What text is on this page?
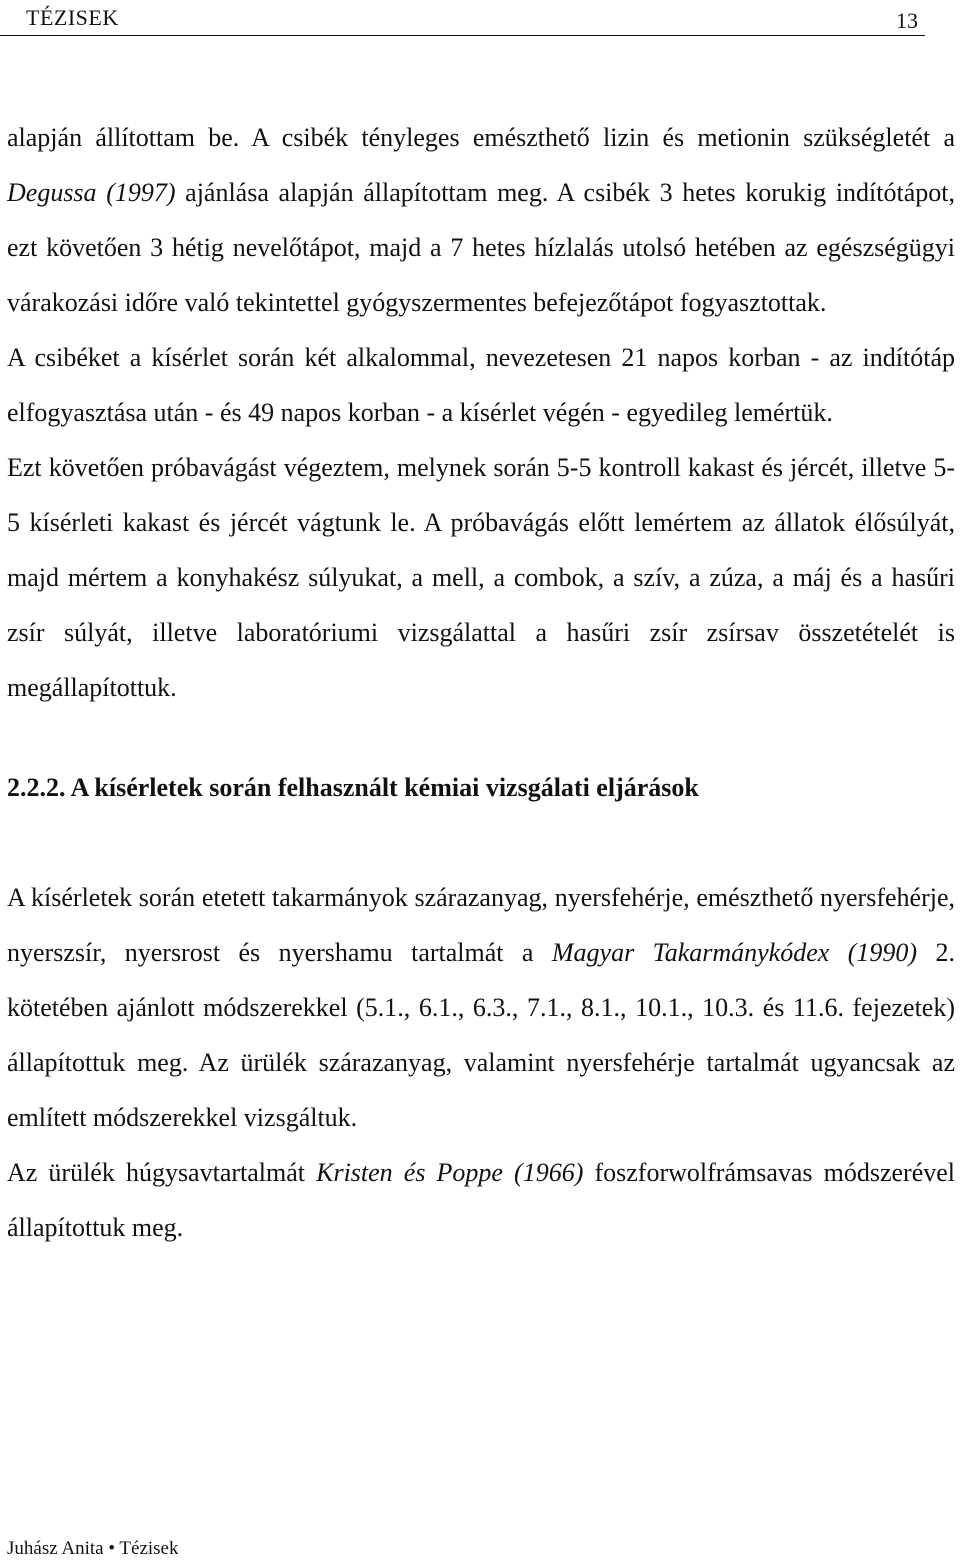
TÉZISEK	13

alapján állítottam be. A csibék tényleges emészthető lizin és metionin szükségletét a Degussa (1997) ajánlása alapján állapítottam meg. A csibék 3 hetes korukig indítótápot, ezt követően 3 hétig nevelőtápot, majd a 7 hetes hízlalás utolsó hetében az egészségügyi várakozási időre való tekintettel gyógyszermentes befejezőtápot fogyasztottak.

A csibéket a kísérlet során két alkalommal, nevezetesen 21 napos korban - az indítótáp elfogyasztása után - és 49 napos korban - a kísérlet végén - egyedileg lemértük.

Ezt követően próbavágást végeztem, melynek során 5-5 kontroll kakast és jércét, illetve 5-5 kísérleti kakast és jércét vágtunk le. A próbavágás előtt lemértem az állatok élősúlyát, majd mértem a konyhakész súlyukat, a mell, a combok, a szív, a zúza, a máj és a hasűri zsír súlyát, illetve laboratóriumi vizsgálattal a hasűri zsír zsírsav összetételét is megállapítottuk.

2.2.2. A kísérletek során felhasznált kémiai vizsgálati eljárások

A kísérletek során etetett takarmányok szárazanyag, nyersfehérje, emészthető nyersfehérje, nyerszsír, nyersrost és nyershamu tartalmát a Magyar Takarmánykódex (1990) 2. kötetében ajánlott módszerekkel (5.1., 6.1., 6.3., 7.1., 8.1., 10.1., 10.3. és 11.6. fejezetek) állapítottuk meg. Az ürülék szárazanyag, valamint nyersfehérje tartalmát ugyancsak az említett módszerekkel vizsgáltuk.

Az ürülék húgysavtartalmát Kristen és Poppe (1966) foszforwolfrámsavas módszerével állapítottuk meg.

Juhász Anita • Tézisek
